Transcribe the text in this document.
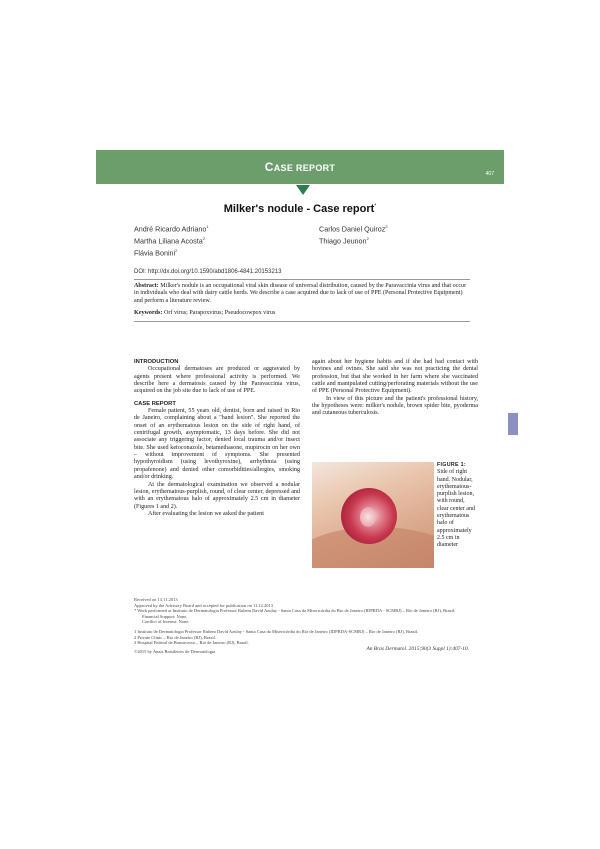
CASE REPORT
407
Milker's nodule - Case report*
André Ricardo Adriano$^1$
Martha Liliana Acosta$^2$
Flávia Bonini$^2$
Carlos Daniel Quiroz$^2$
Thiago Jeunon$^2$
DOI: http://dx.doi.org/10.1590/abd1806-4841.20153213
Abstract: Milker's nodule is an occupational viral skin disease of universal distribution, caused by the Paravaccinia virus and that occur in individuals who deal with dairy cattle herds. We describe a case acquired due to lack of use of PPE (Personal Protective Equipment) and perform a literature review.
Keywords: Orf virus; Parapoxvirus; Pseudocowpox virus

INTRODUCTION

Occupational dermatoses are produced or aggravated by agents present where professional activity is performed. We describe here a dermatosis caused by the Paravaccinia virus, acquired on the job site due to lack of use of PPE.

CASE REPORT

Female patient, 55 years old, dentist, born and raised in Rio de Janeiro, complaining about a "hand lesion". She reported the onset of an erythematous lesion on the side of right hand, of centrifugal growth, asymptomatic, 13 days before. She did not associate any triggering factor, denied local trauma and/or insect bite. She used ketoconazole, betamethasone, mupirocin on her own – without improvement of symptoms. She presented hypothyroidism (using levothyroxine), arrhythmia (using propafenone) and denied other comorbidities/allergies, smoking and/or drinking.

At the dermatological examination we observed a nodular lesion, erythematous-purplish, round, of clear center, depressed and with an erythematous halo of approximately 2.5 cm in diameter (Figures 1 and 2).

After evaluating the lesion we asked the patient

again about her hygiene habits and if she had had contact with bovines and ovines. She said she was not practicing the dental profession, but that she worked in her farm where she vaccinated cattle and manipulated cutting/perforating materials without the use of PPE (Personal Protective Equipment).

In view of this picture and the patient's professional history, the hypotheses were: milker's nodule, brown spider bite, pyoderma and cutaneous tuberculosis.

FIGURE 1: Side of right hand. Nodular, erythematous-purplish lesion, with round, clear center and erythematous halo of approximately 2.5 cm in diameter
Received on 13.11.2013
Approved by the Advisory Board and accepted for publication on 11.12.2013
* Work performed at Instituto de Dermatologia Professor Rubem David Azulay - Santa Casa da Misericórdia do Rio de Janeiro (IDPRDA - SCMRJ) – Rio de Janeiro (RJ), Brazil.
Financial Support: None.
Conflict of Interest: None.
1 Instituto de Dermatologia Professor Rubem David Azulay - Santa Casa da Misericórdia do Rio de Janeiro (IDPRDA-SCMRJ) – Rio de Janeiro (RJ), Brazil.
2 Private Clinic – Rio de Janeiro (RJ), Brazil.
3 Hospital Federal de Bonsucesso – Rio de Janeiro (RJ), Brazil.
©2015 by Anais Brasileiros de Dermatologia	An Bras Dermatol. 2015;90(3 Suppl 1):407-10.
